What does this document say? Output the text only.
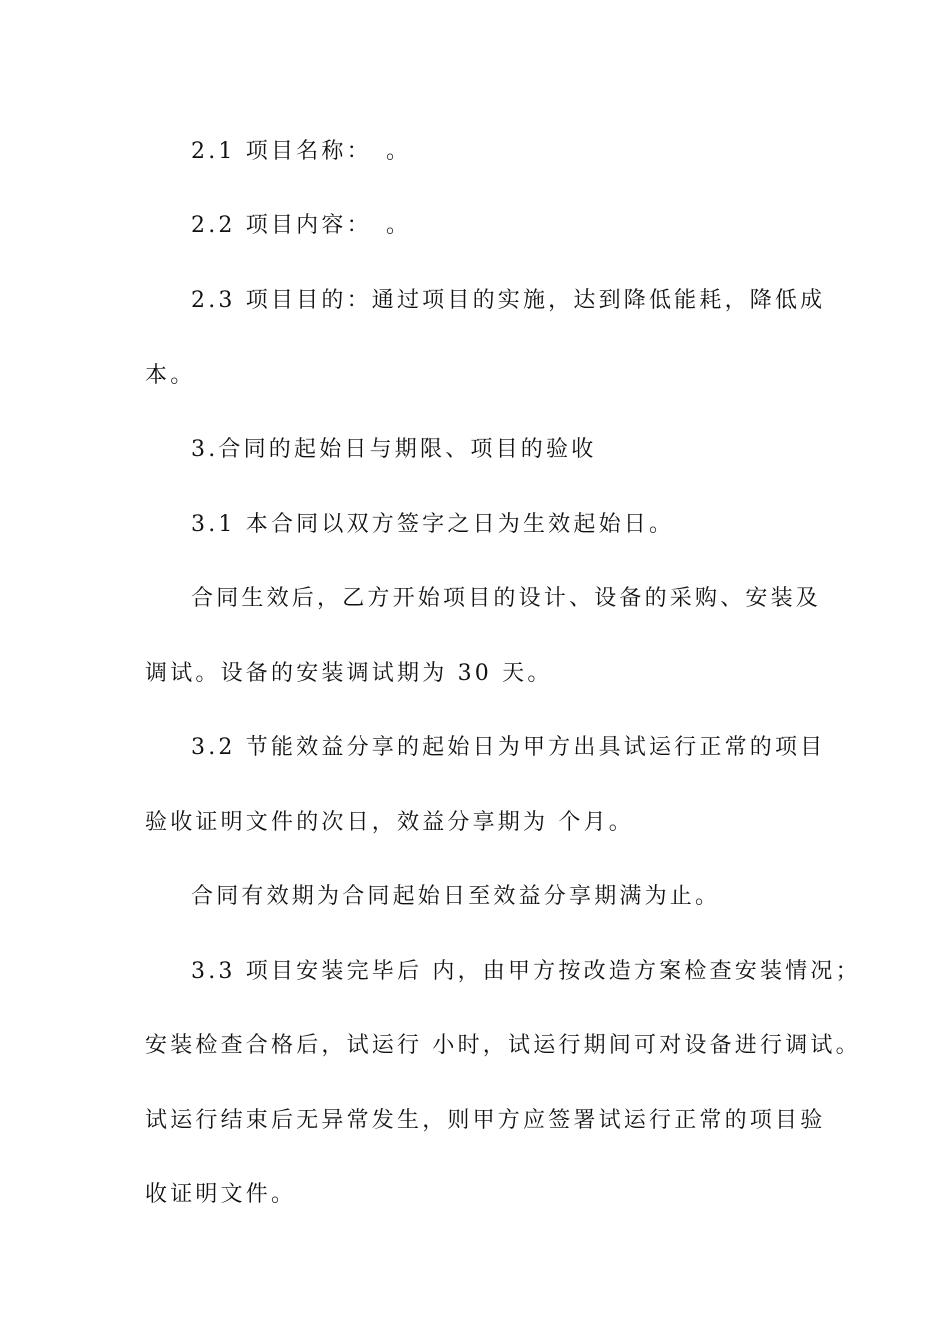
2.1 项目名称：　。
2.2 项目内容：　。
2.3 项目目的：通过项目的实施，达到降低能耗，降低成
本。
3.合同的起始日与期限、项目的验收
3.1 本合同以双方签字之日为生效起始日。
合同生效后，乙方开始项目的设计、设备的采购、安装及
调试。设备的安装调试期为 30 天。
3.2 节能效益分享的起始日为甲方出具试运行正常的项目
验收证明文件的次日，效益分享期为 个月。
合同有效期为合同起始日至效益分享期满为止。
3.3 项目安装完毕后 内，由甲方按改造方案检查安装情况；
安装检查合格后，试运行 小时，试运行期间可对设备进行调试。
试运行结束后无异常发生，则甲方应签署试运行正常的项目验
收证明文件。
